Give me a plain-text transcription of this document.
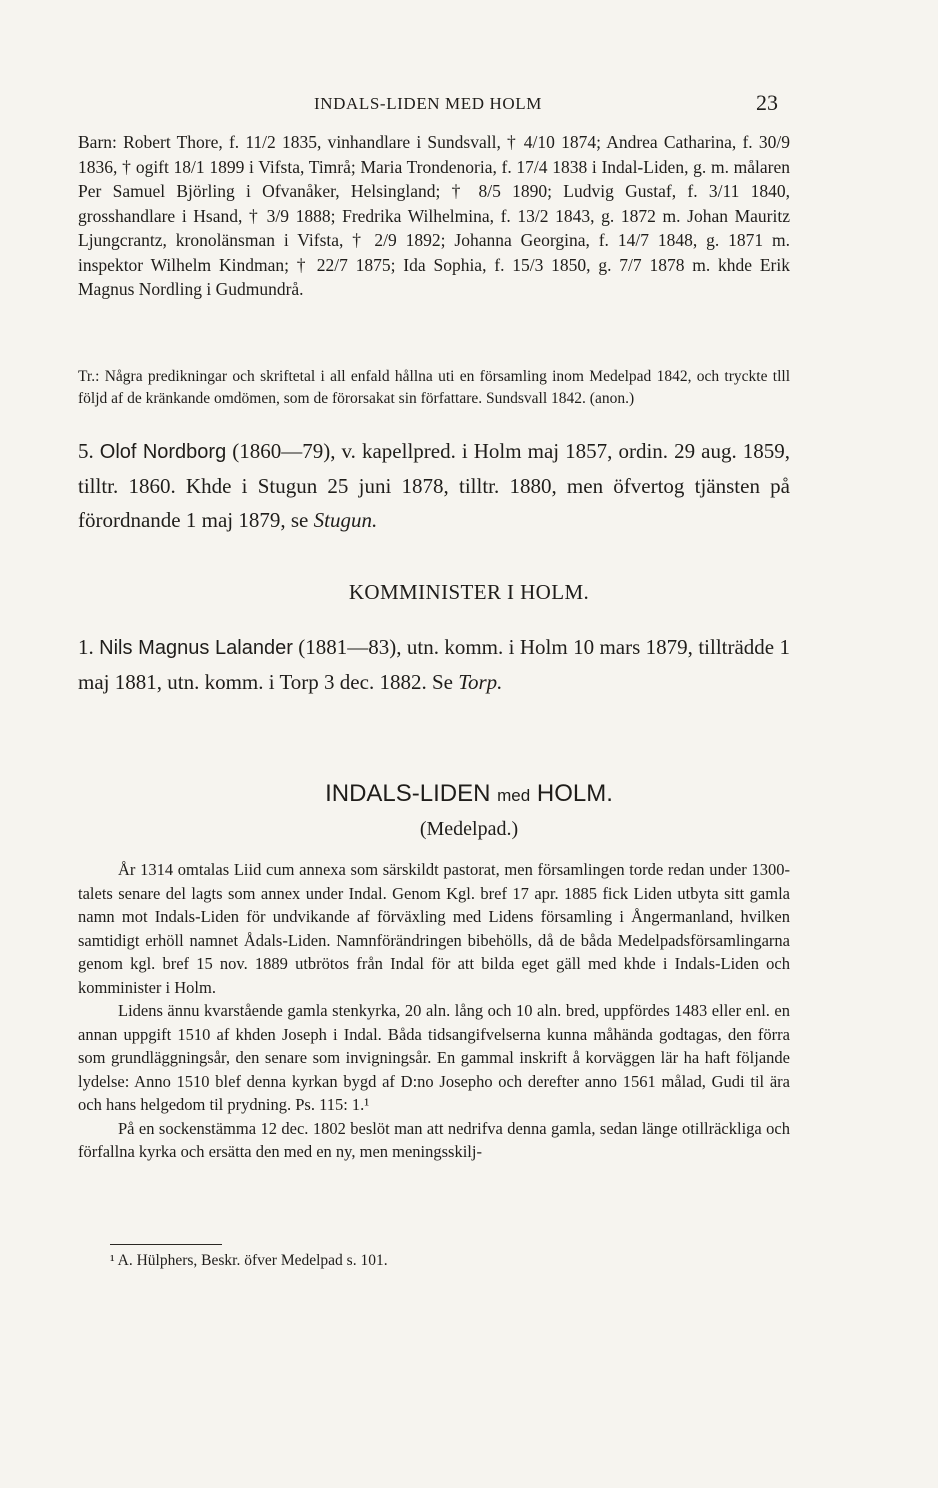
INDALS-LIDEN MED HOLM	23
Barn: Robert Thore, f. 11/2 1835, vinhandlare i Sundsvall, † 4/10 1874; Andrea Catharina, f. 30/9 1836, † ogift 18/1 1899 i Vifsta, Timrå; Maria Trondenoria, f. 17/4 1838 i Indal-Liden, g. m. målaren Per Samuel Björling i Ofvanåker, Helsingland; † 8/5 1890; Ludvig Gustaf, f. 3/11 1840, grosshandlare i Hsand, † 3/9 1888; Fredrika Wilhelmina, f. 13/2 1843, g. 1872 m. Johan Mauritz Ljungcrantz, kronolänsman i Vifsta, † 2/9 1892; Johanna Georgina, f. 14/7 1848, g. 1871 m. inspektor Wilhelm Kindman; † 22/7 1875; Ida Sophia, f. 15/3 1850, g. 7/7 1878 m. khde Erik Magnus Nordling i Gudmundrå.
Tr.: Några predikningar och skriftetal i all enfald hållna uti en församling inom Medelpad 1842, och tryckte tlll följd af de kränkande omdömen, som de förorsakat sin författare. Sundsvall 1842. (anon.)
5. Olof Nordborg (1860—79), v. kapellpred. i Holm maj 1857, ordin. 29 aug. 1859, tilltr. 1860. Khde i Stugun 25 juni 1878, tilltr. 1880, men öfvertog tjänsten på förordnande 1 maj 1879, se Stugun.
KOMMINISTER I HOLM.
1. Nils Magnus Lalander (1881—83), utn. komm. i Holm 10 mars 1879, tillträdde 1 maj 1881, utn. komm. i Torp 3 dec. 1882. Se Torp.
INDALS-LIDEN med HOLM.
(Medelpad.)

År 1314 omtalas Liid cum annexa som särskildt pastorat, men församlingen torde redan under 1300-talets senare del lagts som annex under Indal. Genom Kgl. bref 17 apr. 1885 fick Liden utbyta sitt gamla namn mot Indals-Liden för undvikande af förväxling med Lidens församling i Ångermanland, hvilken samtidigt erhöll namnet Ådals-Liden. Namnförändringen bibehölls, då de båda Medelpadsförsamlingarna genom kgl. bref 15 nov. 1889 utbrötos från Indal för att bilda eget gäll med khde i Indals-Liden och komminister i Holm.

Lidens ännu kvarstående gamla stenkyrka, 20 aln. lång och 10 aln. bred, uppfördes 1483 eller enl. en annan uppgift 1510 af khden Joseph i Indal. Båda tidsangifvelserna kunna måhända godtagas, den förra som grundläggningsår, den senare som invigningsår. En gammal inskrift å korväggen lär ha haft följande lydelse: Anno 1510 blef denna kyrkan bygd af D:no Josepho och derefter anno 1561 målad, Gudi til ära och hans helgedom til prydning. Ps. 115: 1.¹

På en sockenstämma 12 dec. 1802 beslöt man att nedrifva denna gamla, sedan länge otillräckliga och förfallna kyrka och ersätta den med en ny, men meningsskilj-

¹ A. Hülphers, Beskr. öfver Medelpad s. 101.
